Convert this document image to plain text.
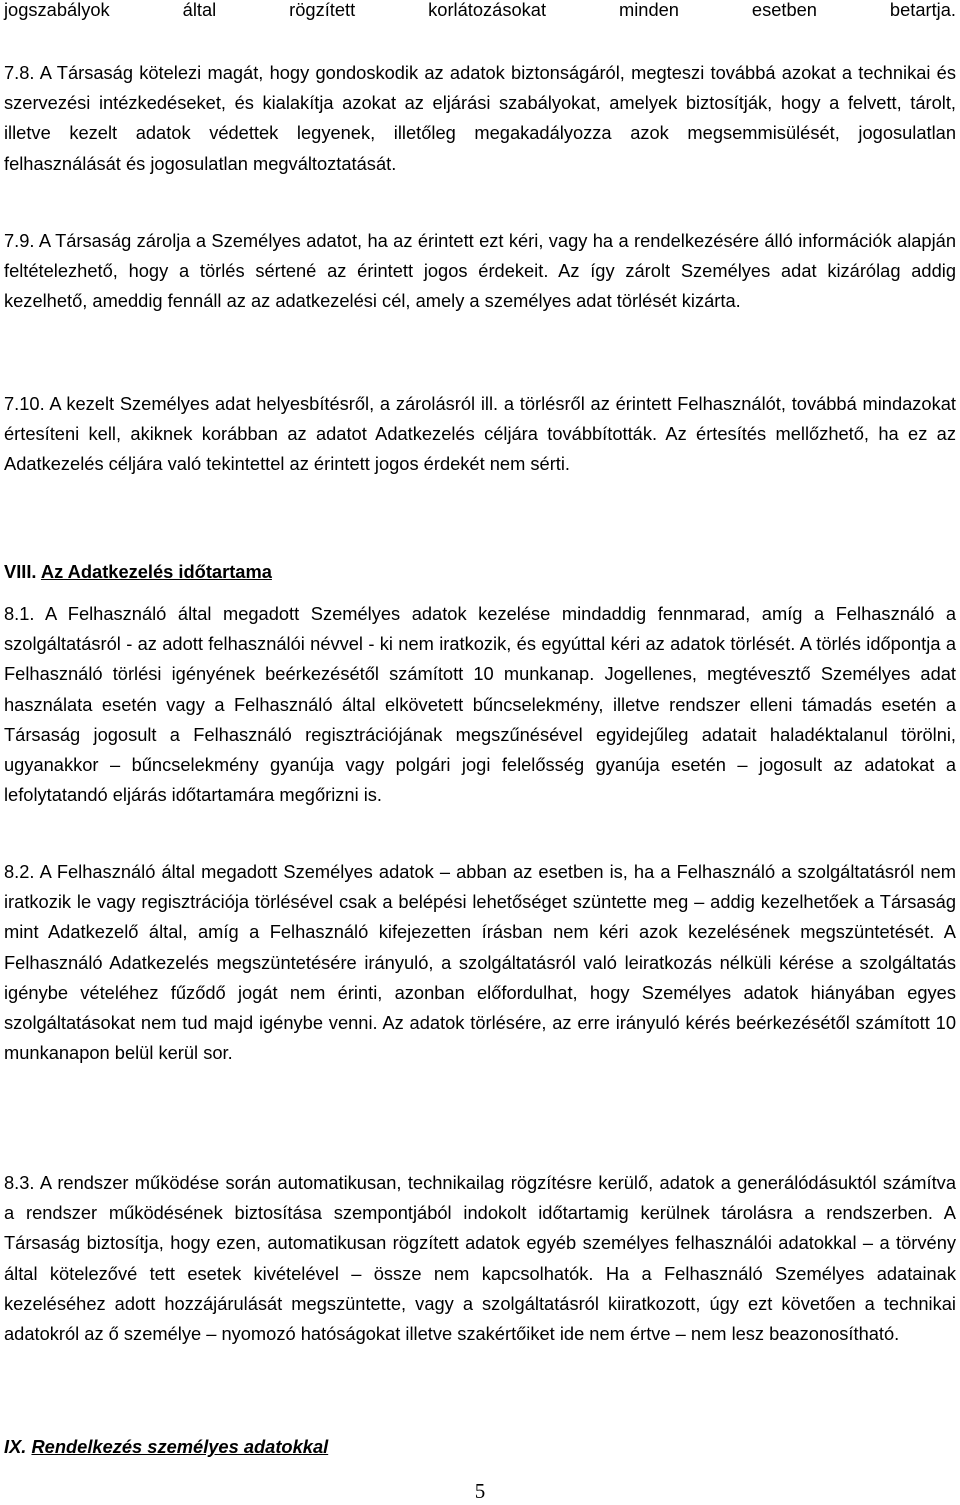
jogszabályok által rögzített korlátozásokat minden esetben betartja.
7.8. A Társaság kötelezi magát, hogy gondoskodik az adatok biztonságáról, megteszi továbbá azokat a technikai és szervezési intézkedéseket, és kialakítja azokat az eljárási szabályokat, amelyek biztosítják, hogy a felvett, tárolt, illetve kezelt adatok védettek legyenek, illetőleg megakadályozza azok megsemmisülését, jogosulatlan felhasználását és jogosulatlan megváltoztatását.
7.9. A Társaság zárolja a Személyes adatot, ha az érintett ezt kéri, vagy ha a rendelkezésére álló információk alapján feltételezhető, hogy a törlés sértené az érintett jogos érdekeit. Az így zárolt Személyes adat kizárólag addig kezelhető, ameddig fennáll az az adatkezelési cél, amely a személyes adat törlését kizárta.
7.10. A kezelt Személyes adat helyesbítésről, a zárolásról ill. a törlésről az érintett Felhasználót, továbbá mindazokat értesíteni kell, akiknek korábban az adatot Adatkezelés céljára továbbították. Az értesítés mellőzhető, ha ez az Adatkezelés céljára való tekintettel az érintett jogos érdekét nem sérti.
VIII. Az Adatkezelés időtartama
8.1. A Felhasználó által megadott Személyes adatok kezelése mindaddig fennmarad, amíg a Felhasználó a szolgáltatásról - az adott felhasználói névvel - ki nem iratkozik, és egyúttal kéri az adatok törlését. A törlés időpontja a Felhasználó törlési igényének beérkezésétől számított 10 munkanap. Jogellenes, megtévesztő Személyes adat használata esetén vagy a Felhasználó által elkövetett bűncselekmény, illetve rendszer elleni támadás esetén a Társaság jogosult a Felhasználó regisztrációjának megszűnésével egyidejűleg adatait haladéktalanul törölni, ugyanakkor – bűncselekmény gyanúja vagy polgári jogi felelősség gyanúja esetén – jogosult az adatokat a lefolytatandó eljárás időtartamára megőrizni is.
8.2. A Felhasználó által megadott Személyes adatok – abban az esetben is, ha a Felhasználó a szolgáltatásról nem iratkozik le vagy regisztrációja törlésével csak a belépési lehetőséget szüntette meg – addig kezelhetőek a Társaság mint Adatkezelő által, amíg a Felhasználó kifejezetten írásban nem kéri azok kezelésének megszüntetését. A Felhasználó Adatkezelés megszüntetésére irányuló, a szolgáltatásról való leiratkozás nélküli kérése a szolgáltatás igénybe vételéhez fűződő jogát nem érinti, azonban előfordulhat, hogy Személyes adatok hiányában egyes szolgáltatásokat nem tud majd igénybe venni. Az adatok törlésére, az erre irányuló kérés beérkezésétől számított 10 munkanapon belül kerül sor.
8.3. A rendszer működése során automatikusan, technikailag rögzítésre kerülő, adatok a generálódásuktól számítva a rendszer működésének biztosítása szempontjából indokolt időtartamig kerülnek tárolásra a rendszerben. A Társaság biztosítja, hogy ezen, automatikusan rögzített adatok egyéb személyes felhasználói adatokkal – a törvény által kötelezővé tett esetek kivételével – össze nem kapcsolhatók. Ha a Felhasználó Személyes adatainak kezeléséhez adott hozzájárulását megszüntette, vagy a szolgáltatásról kiiratkozott, úgy ezt követően a technikai adatokról az ő személye – nyomozó hatóságokat illetve szakértőiket ide nem értve – nem lesz beazonosítható.
IX. Rendelkezés személyes adatokkal
5
